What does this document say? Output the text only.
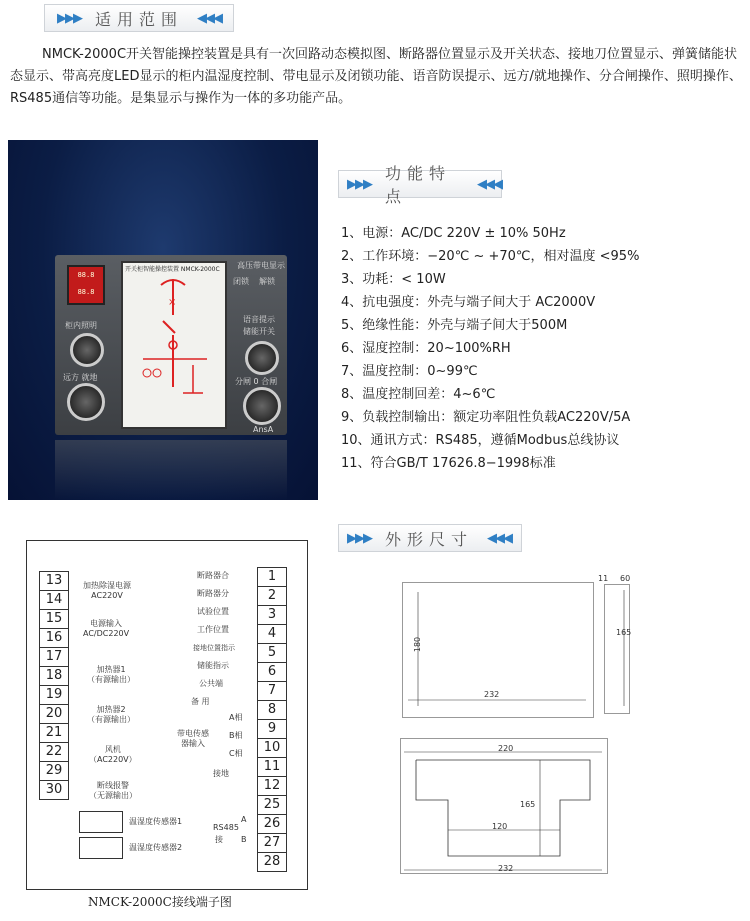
▶▶▶ 适用范围 ◀◀◀
NMCK-2000C开关智能操控装置是具有一次回路动态模拟图、断路器位置显示及开关状态、接地刀位置显示、弹簧储能状态显示、带高亮度LED显示的柜内温湿度控制、带电显示及闭锁功能、语音防误提示、远方/就地操作、分合闸操作、照明操作、RS485通信等功能。是集显示与操作为一体的多功能产品。
88.8
88.8
柜内照明
远方 就地
开关柜智能操控装置 NMCK-2000C
×
高压带电显示
闭锁 解锁
语音提示
储能开关
分闸 0 合闸
AnsA
▶▶▶
功能特点
◀◀◀
1、电源：AC/DC 220V ± 10% 50Hz
2、工作环境：−20℃ ~ +70℃，相对温度 <95%
3、功耗：< 10W
4、抗电强度：外壳与端子间大于 AC2000V
5、绝缘性能：外壳与端子间大于500M
6、湿度控制：20~100%RH
7、温度控制：0~99℃
8、温度控制回差：4~6℃
9、负载控制输出：额定功率阻性负载AC220V/5A
10、通讯方式：RS485，遵循Modbus总线协议
11、符合GB/T 17626.8−1998标准
▶▶▶ 外形尺寸 ◀◀◀
13
14
15
16
17
18
19
20
21
22
29
30
加热除湿电源
AC220V
电源输入
AC/DC220V
加热器1
（有源输出）
加热器2
（有源输出）
风机
（AC220V）
断线报警
（无源输出）
1
2
3
4
5
6
7
8
9
10
11
12
25
26
27
28
断路器合
断路器分
试验位置
工作位置
接地位置指示
储能指示
公共端
备 用
带电传感
器输入
A相
B相
C相
接地
RS485
A
接 B
温湿度传感器1
温湿度传感器2
NMCK-2000C接线端子图
180
232
11 60
165
220
165
120
232
